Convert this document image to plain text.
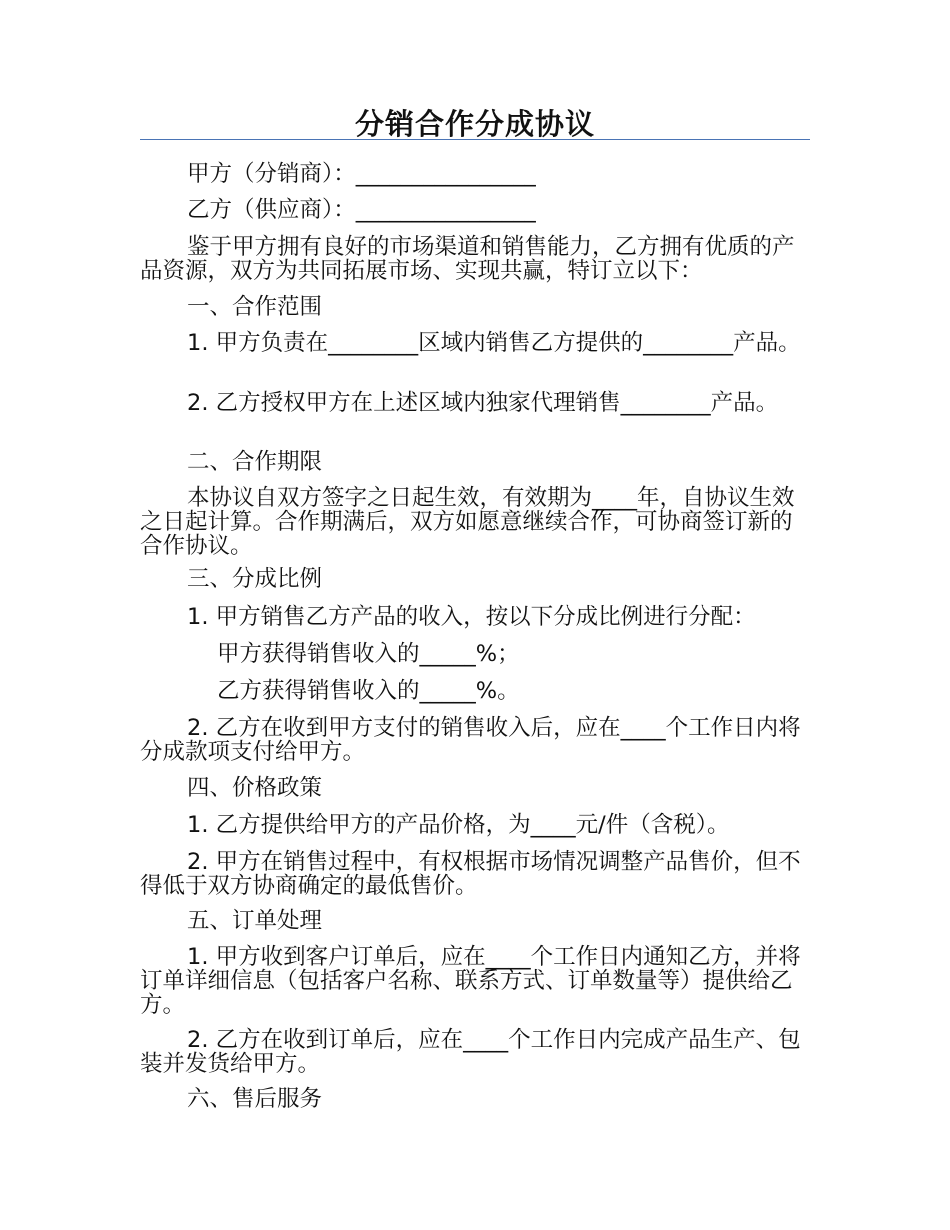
分销合作分成协议
甲方（分销商）：________________
乙方（供应商）：________________
鉴于甲方拥有良好的市场渠道和销售能力，乙方拥有优质的产品资源，双方为共同拓展市场、实现共赢，特订立以下：
一、合作范围
1. 甲方负责在________区域内销售乙方提供的________产品。
2. 乙方授权甲方在上述区域内独家代理销售________产品。
二、合作期限
本协议自双方签字之日起生效，有效期为____年，自协议生效之日起计算。合作期满后，双方如愿意继续合作，可协商签订新的合作协议。
三、分成比例
1. 甲方销售乙方产品的收入，按以下分成比例进行分配：
甲方获得销售收入的_____%；
乙方获得销售收入的_____%。
2. 乙方在收到甲方支付的销售收入后，应在____个工作日内将分成款项支付给甲方。
四、价格政策
1. 乙方提供给甲方的产品价格，为____元/件（含税）。
2. 甲方在销售过程中，有权根据市场情况调整产品售价，但不得低于双方协商确定的最低售价。
五、订单处理
1. 甲方收到客户订单后，应在____个工作日内通知乙方，并将订单详细信息（包括客户名称、联系方式、订单数量等）提供给乙方。
2. 乙方在收到订单后，应在____个工作日内完成产品生产、包装并发货给甲方。
六、售后服务
